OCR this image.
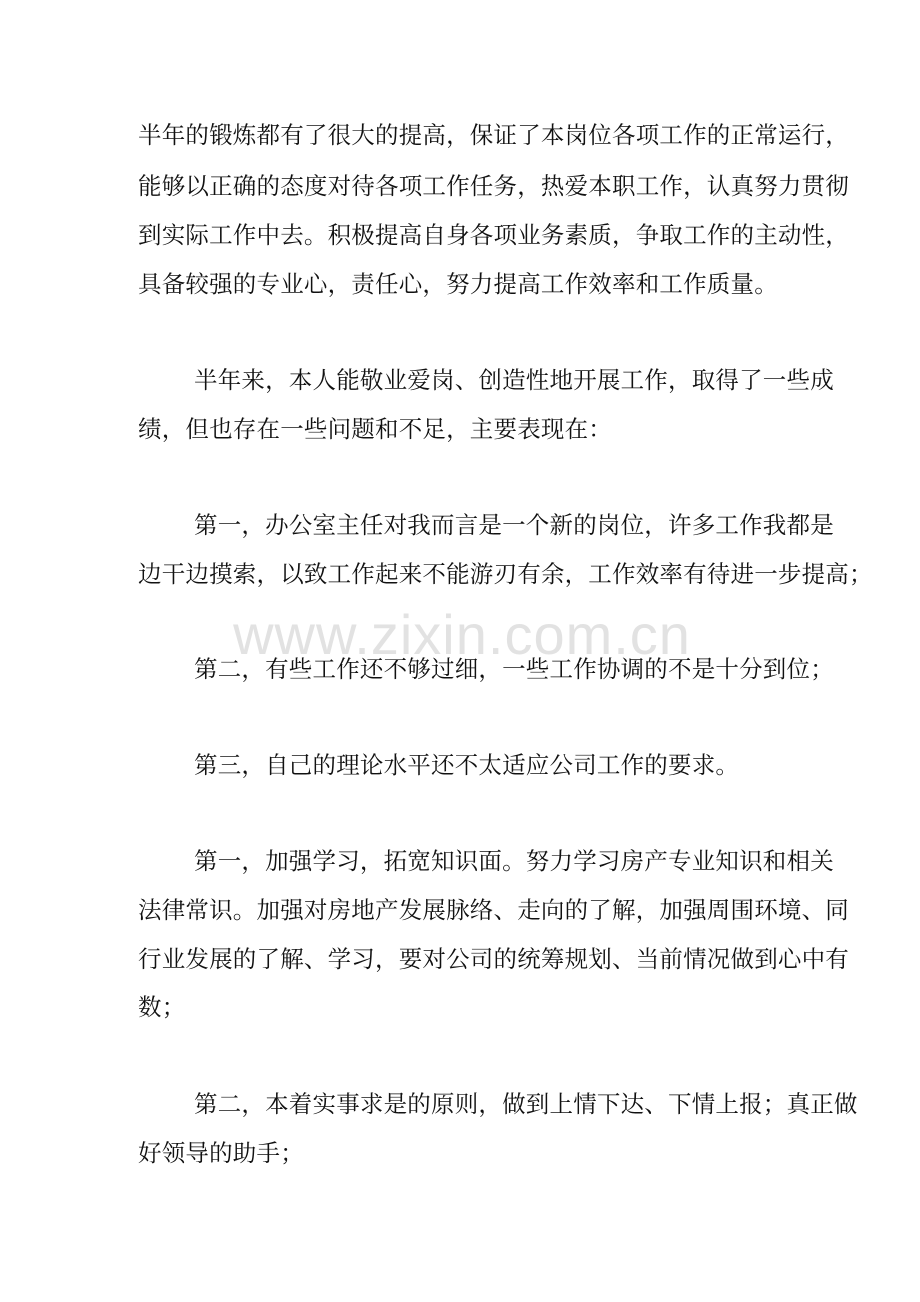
www.zixin.com.cn
半年的锻炼都有了很大的提高，保证了本岗位各项工作的正常运行，
能够以正确的态度对待各项工作任务，热爱本职工作，认真努力贯彻
到实际工作中去。积极提高自身各项业务素质，争取工作的主动性，
具备较强的专业心，责任心，努力提高工作效率和工作质量。
半年来，本人能敬业爱岗、创造性地开展工作，取得了一些成
绩，但也存在一些问题和不足，主要表现在：
第一，办公室主任对我而言是一个新的岗位，许多工作我都是
边干边摸索，以致工作起来不能游刃有余，工作效率有待进一步提高；
第二，有些工作还不够过细，一些工作协调的不是十分到位；
第三，自己的理论水平还不太适应公司工作的要求。
第一，加强学习，拓宽知识面。努力学习房产专业知识和相关
法律常识。加强对房地产发展脉络、走向的了解，加强周围环境、同
行业发展的了解、学习，要对公司的统筹规划、当前情况做到心中有
数；
第二，本着实事求是的原则，做到上情下达、下情上报；真正做
好领导的助手；
